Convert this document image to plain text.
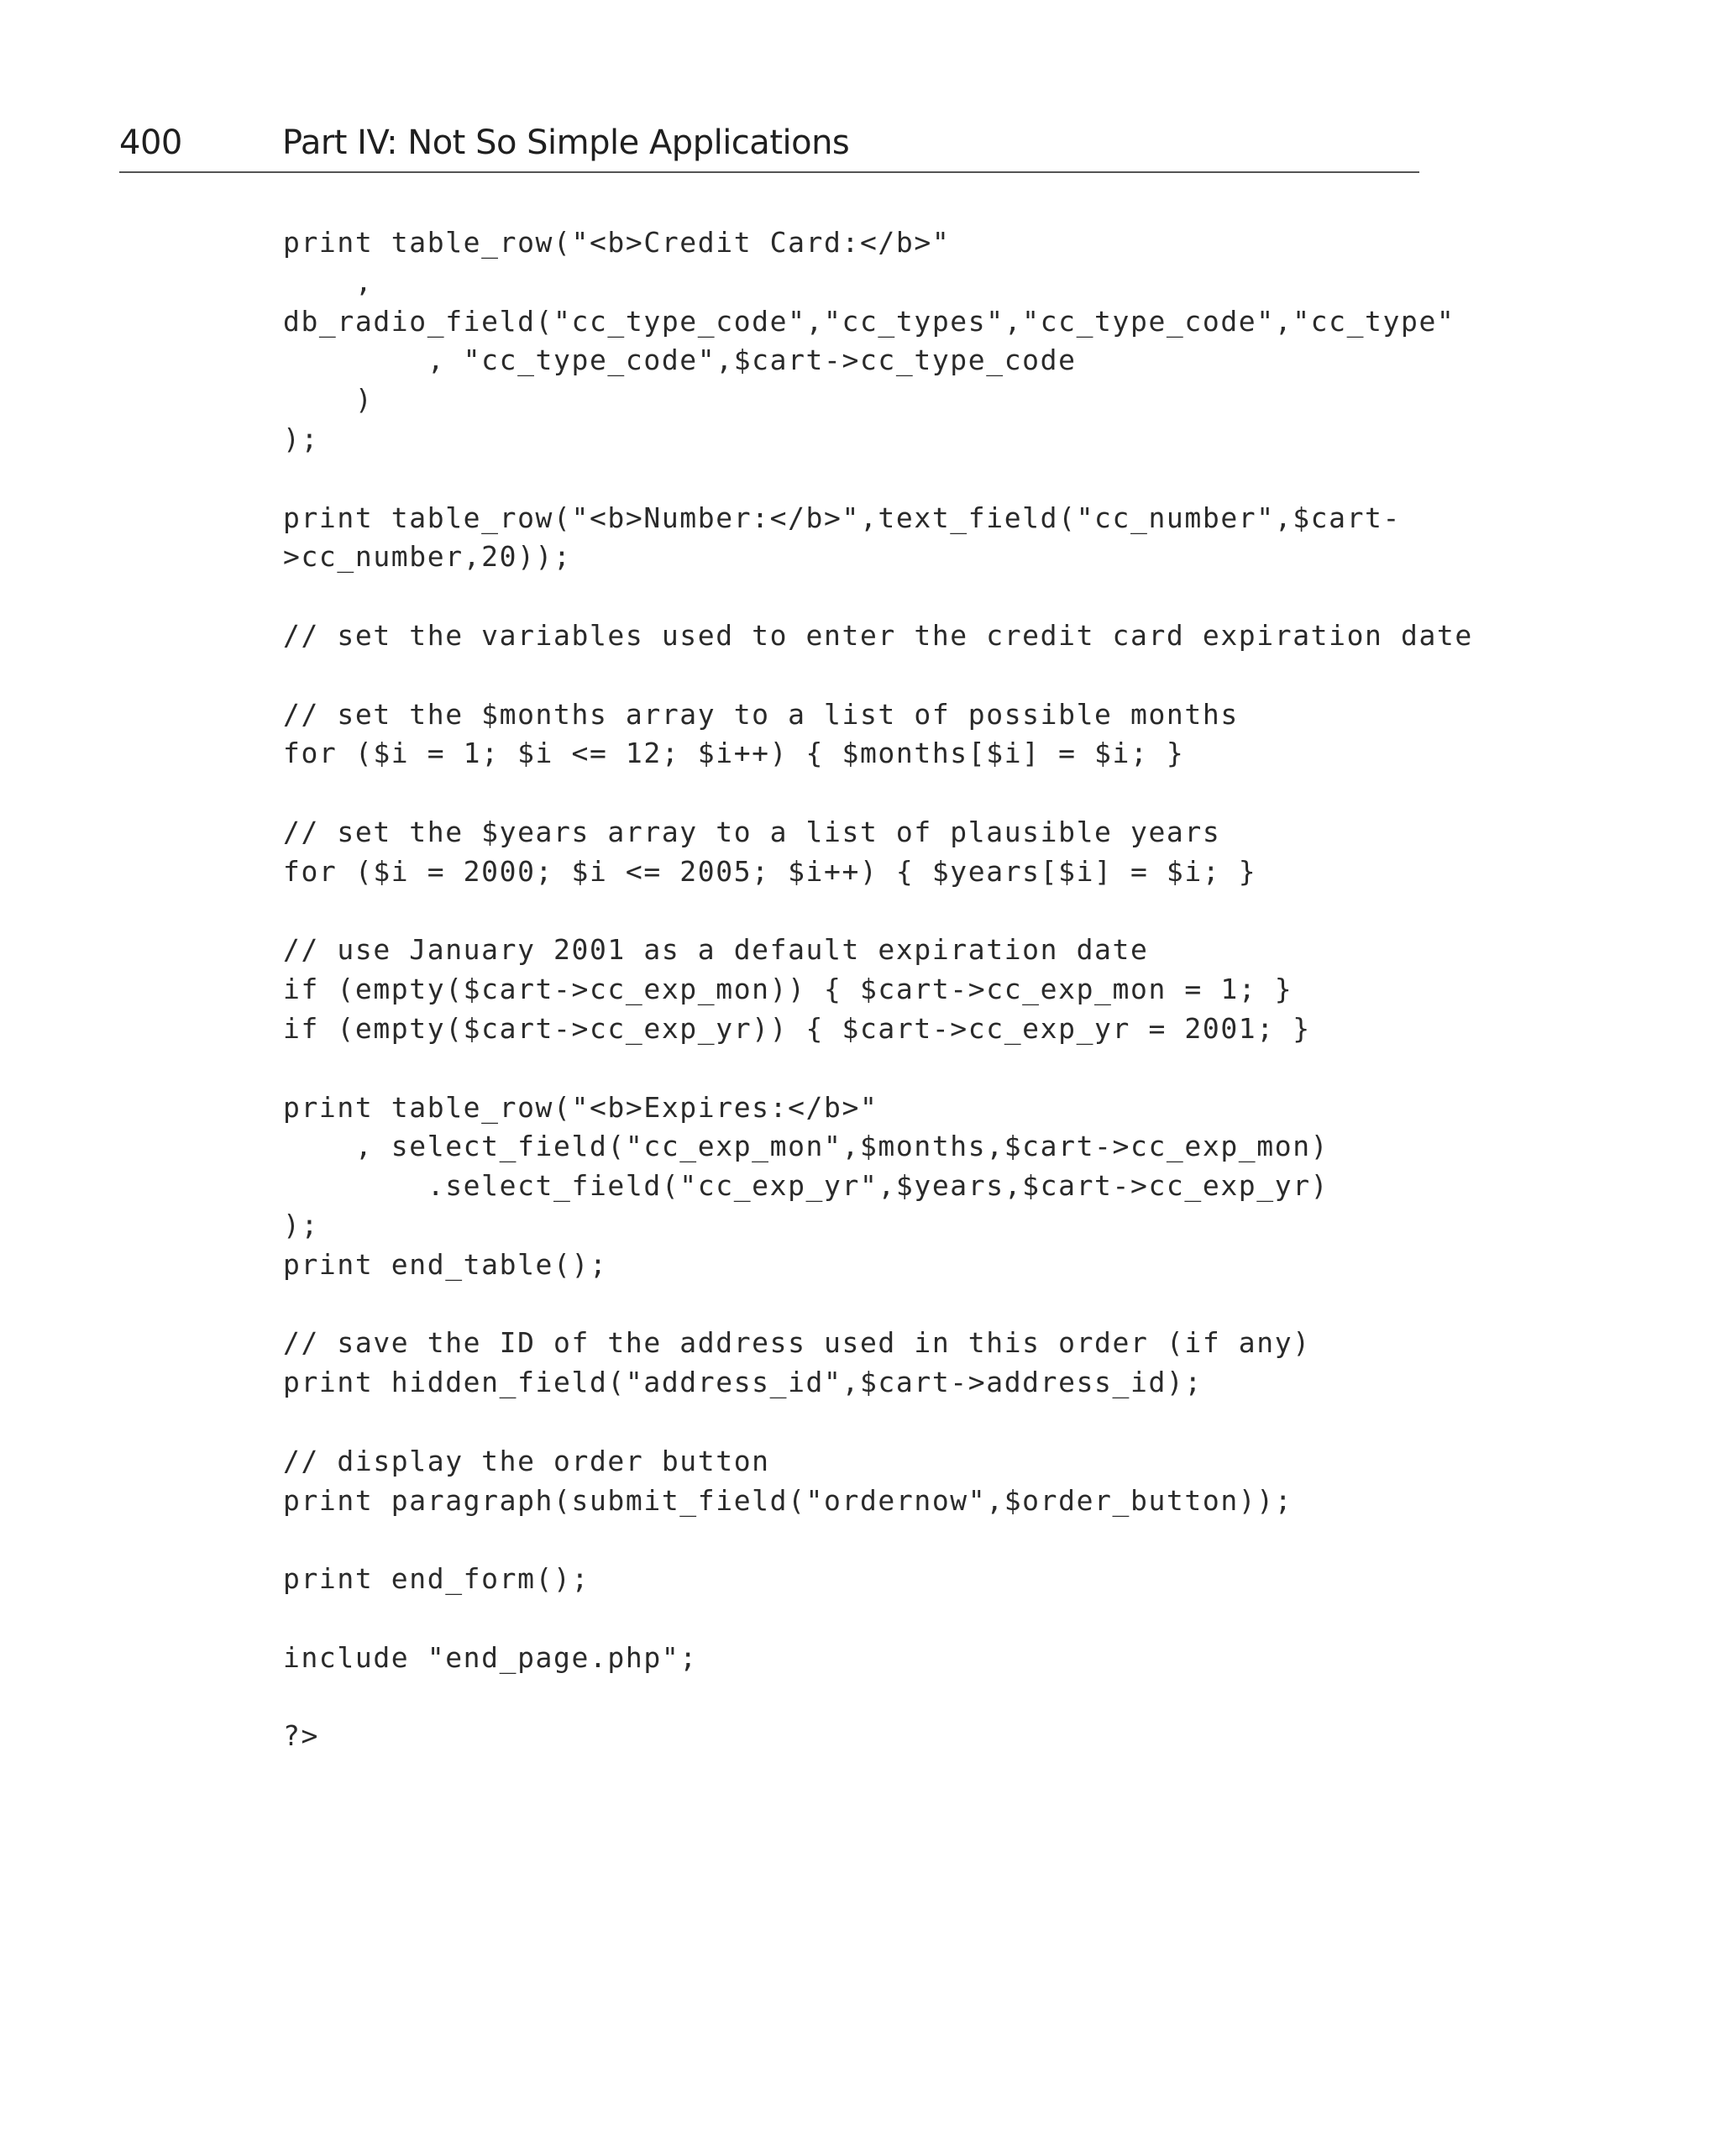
400	Part IV: Not So Simple Applications
print table_row("<b>Credit Card:</b>"
,
db_radio_field("cc_type_code","cc_types","cc_type_code","cc_type"
, "cc_type_code",$cart->cc_type_code
)
);
print table_row("<b>Number:</b>",text_field("cc_number",$cart-
>cc_number,20));
// set the variables used to enter the credit card expiration date
// set the $months array to a list of possible months
for ($i = 1; $i <= 12; $i++) { $months[$i] = $i; }
// set the $years array to a list of plausible years
for ($i = 2000; $i <= 2005; $i++) { $years[$i] = $i; }
// use January 2001 as a default expiration date
if (empty($cart->cc_exp_mon)) { $cart->cc_exp_mon = 1; }
if (empty($cart->cc_exp_yr)) { $cart->cc_exp_yr = 2001; }
print table_row("<b>Expires:</b>"
, select_field("cc_exp_mon",$months,$cart->cc_exp_mon)
.select_field("cc_exp_yr",$years,$cart->cc_exp_yr)
);
print end_table();
// save the ID of the address used in this order (if any)
print hidden_field("address_id",$cart->address_id);
// display the order button
print paragraph(submit_field("ordernow",$order_button));
print end_form();
include "end_page.php";
?>
